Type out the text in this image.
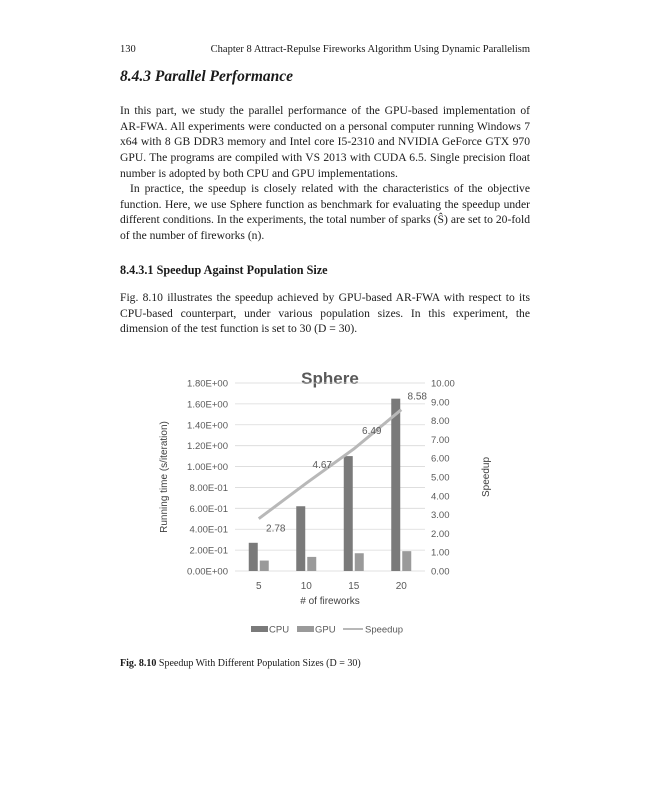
130	Chapter 8 Attract-Repulse Fireworks Algorithm Using Dynamic Parallelism
8.4.3 Parallel Performance

In this part, we study the parallel performance of the GPU-based implementation of AR-FWA. All experiments were conducted on a personal computer running Windows 7 x64 with 8 GB DDR3 memory and Intel core I5-2310 and NVIDIA GeForce GTX 970 GPU. The programs are compiled with VS 2013 with CUDA 6.5. Single precision float number is adopted by both CPU and GPU implementations.

In practice, the speedup is closely related with the characteristics of the objective function. Here, we use Sphere function as benchmark for evaluating the speedup under different conditions. In the experiments, the total number of sparks (Ŝ) are set to 20-fold of the number of fireworks (n).

8.4.3.1 Speedup Against Population Size

Fig. 8.10 illustrates the speedup achieved by GPU-based AR-FWA with respect to its CPU-based counterpart, under various population sizes. In this experiment, the dimension of the test function is set to 30 (D = 30).

Sphere
0.00E+00
2.00E-01
4.00E-01
6.00E-01
8.00E-01
1.00E+00
1.20E+00
1.40E+00
1.60E+00
1.80E+00
0.00
1.00
2.00
3.00
4.00
5.00
6.00
7.00
8.00
9.00
10.00
5	10	15	20
2.78
4.67
6.49
8.58
# of fireworks
Running time (s/iteration)	Speedup
CPU	GPU	Speedup
Fig. 8.10 Speedup With Different Population Sizes (D = 30)
